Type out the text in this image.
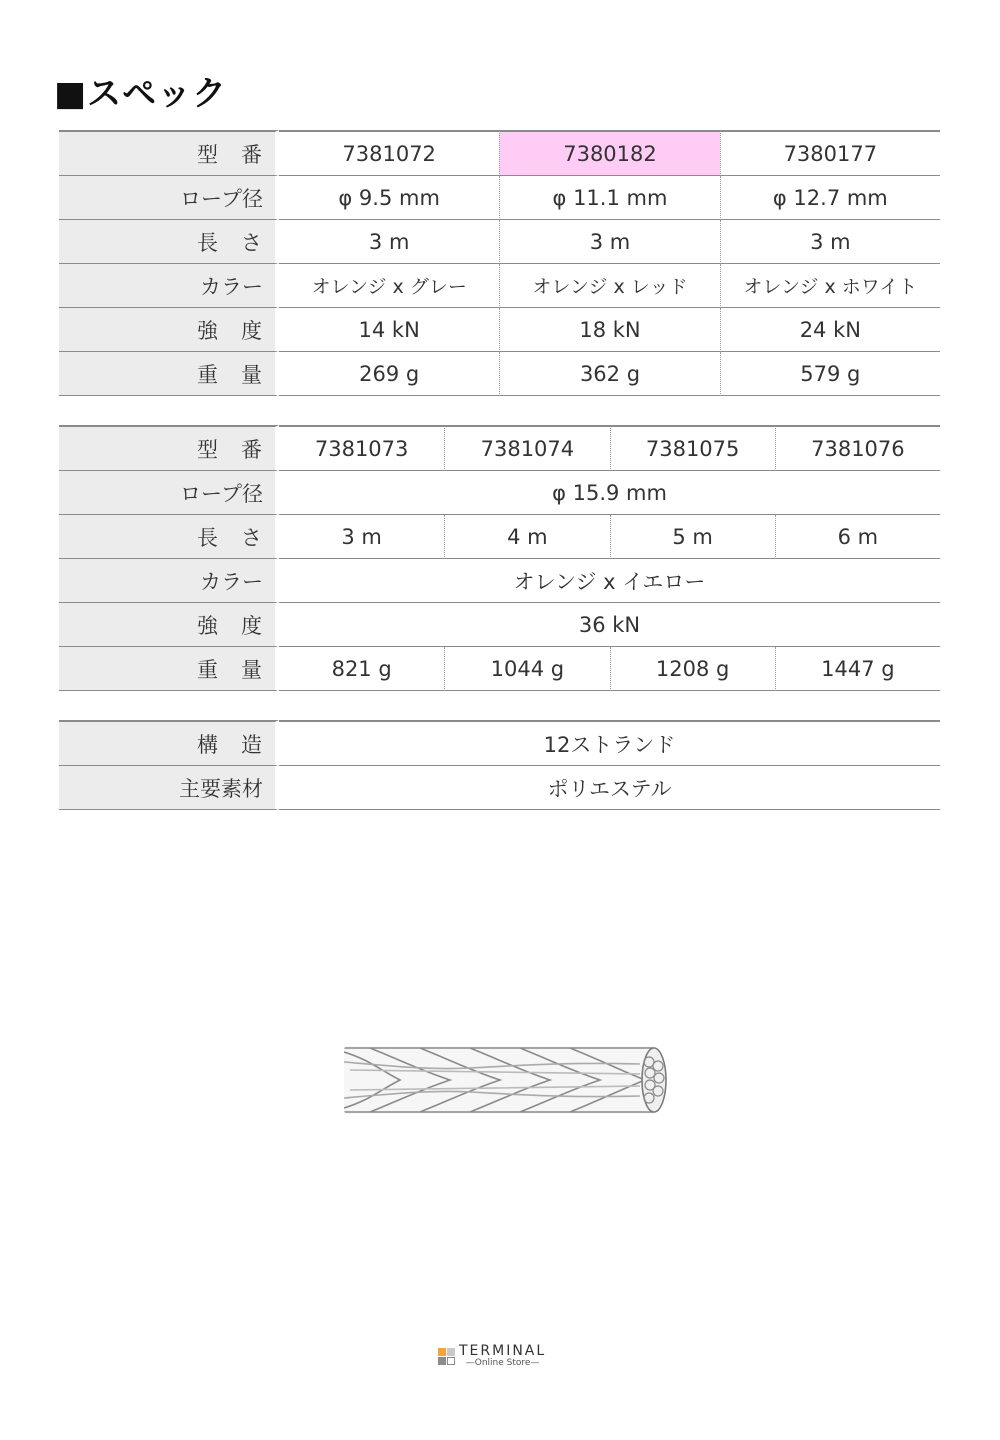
■スペック
型　番	7381072	7380182	7380177
ロープ径	φ 9.5 mm	φ 11.1 mm	φ 12.7 mm
長　さ	3 m	3 m	3 m
カラー	オレンジ x グレー	オレンジ x レッド	オレンジ x ホワイト
強　度	14 kN	18 kN	24 kN
重　量	269 g	362 g	579 g
型　番	7381073	7381074	7381075	7381076
ロープ径	φ 15.9 mm			
長　さ	3 m	4 m	5 m	6 m
カラー	オレンジ x イエロー			
強　度	36 kN			
重　量	821 g	1044 g	1208 g	1447 g
構　造	12ストランド
主要素材	ポリエステル
TERMINAL
—Online Store—
